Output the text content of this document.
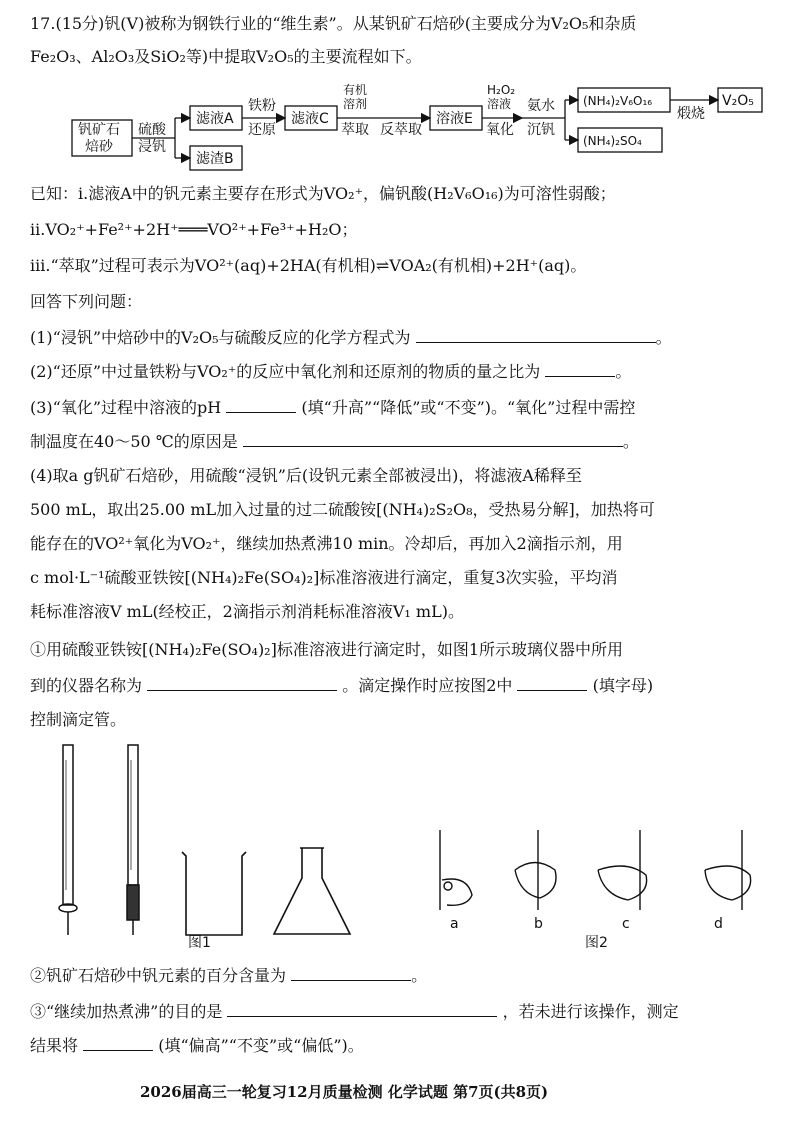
17.(15分)钒(V)被称为钢铁行业的“维生素”。从某钒矿石焙砂(主要成分为V₂O₅和杂质
Fe₂O₃、Al₂O₃及SiO₂等)中提取V₂O₅的主要流程如下。
钒矿石
焙砂
硫酸
浸钒
滤液A
滤渣B
铁粉
还原
滤液C
有机
溶剂
萃取 反萃取
溶液E
H₂O₂
溶液
氧化
氨水
沉钒
(NH₄)₂V₆O₁₆
(NH₄)₂SO₄
煅烧
V₂O₅
已知：ⅰ.滤液A中的钒元素主要存在形式为VO₂⁺，偏钒酸(H₂V₆O₁₆)为可溶性弱酸；
ⅱ.VO₂⁺+Fe²⁺+2H⁺═══VO²⁺+Fe³⁺+H₂O；
ⅲ.“萃取”过程可表示为VO²⁺(aq)+2HA(有机相)⇌VOA₂(有机相)+2H⁺(aq)。
回答下列问题：
(1)“浸钒”中焙砂中的V₂O₅与硫酸反应的化学方程式为	。
(2)“还原”中过量铁粉与VO₂⁺的反应中氧化剂和还原剂的物质的量之比为	。
(3)“氧化”过程中溶液的pH	(填“升高”“降低”或“不变”)。“氧化”过程中需控
制温度在40～50 ℃的原因是	。
(4)取a g钒矿石焙砂，用硫酸“浸钒”后(设钒元素全部被浸出)，将滤液A稀释至
500 mL，取出25.00 mL加入过量的过二硫酸铵[(NH₄)₂S₂O₈，受热易分解]，加热将可
能存在的VO²⁺氧化为VO₂⁺，继续加热煮沸10 min。冷却后，再加入2滴指示剂，用
c mol·L⁻¹硫酸亚铁铵[(NH₄)₂Fe(SO₄)₂]标准溶液进行滴定，重复3次实验，平均消
耗标准溶液V mL(经校正，2滴指示剂消耗标准溶液V₁ mL)。
①用硫酸亚铁铵[(NH₄)₂Fe(SO₄)₂]标准溶液进行滴定时，如图1所示玻璃仪器中所用
到的仪器名称为	。滴定操作时应按图2中	(填字母)
控制滴定管。
图1
a	b	c	d
图2
②钒矿石焙砂中钒元素的百分含量为	。
③“继续加热煮沸”的目的是	，若未进行该操作，测定
结果将	(填“偏高”“不变”或“偏低”)。
2026届高三一轮复习12月质量检测 化学试题 第7页(共8页)
